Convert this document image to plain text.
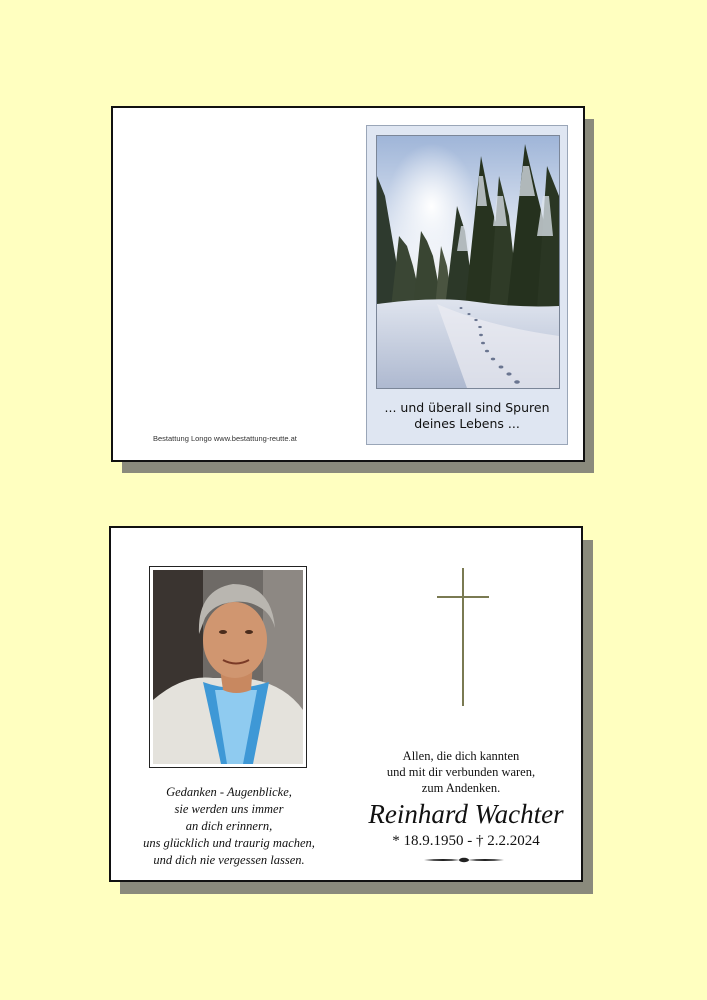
... und überall sind Spuren
deines Lebens ...
Bestattung Longo www.bestattung-reutte.at
Gedanken - Augenblicke,
sie werden uns immer
an dich erinnern,
uns glücklich und traurig machen,
und dich nie vergessen lassen.
Allen, die dich kannten
und mit dir verbunden waren,
zum Andenken.
Reinhard Wachter
* 18.9.1950 - † 2.2.2024
